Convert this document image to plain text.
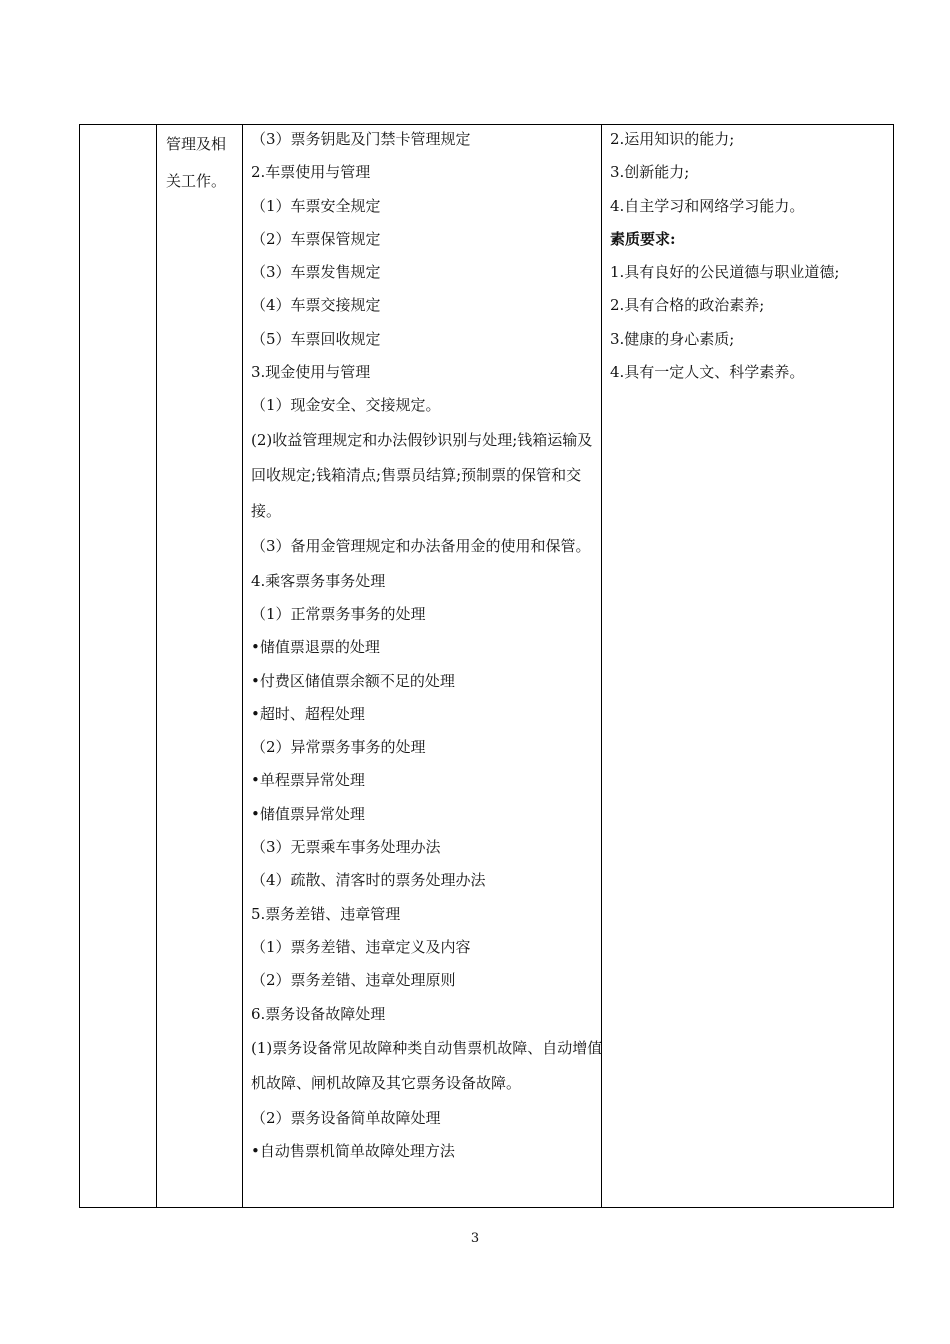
管理及相
关工作。
（3）票务钥匙及门禁卡管理规定
2.车票使用与管理
（1）车票安全规定
（2）车票保管规定
（3）车票发售规定
（4）车票交接规定
（5）车票回收规定
3.现金使用与管理
（1）现金安全、交接规定。
(2)收益管理规定和办法假钞识别与处理;钱箱运输及回收规定;钱箱清点;售票员结算;预制票的保管和交接。
（3）备用金管理规定和办法备用金的使用和保管。
4.乘客票务事务处理
（1）正常票务事务的处理
•储值票退票的处理
•付费区储值票余额不足的处理
•超时、超程处理
（2）异常票务事务的处理
•单程票异常处理
•储值票异常处理
（3）无票乘车事务处理办法
（4）疏散、清客时的票务处理办法
5.票务差错、违章管理
（1）票务差错、违章定义及内容
（2）票务差错、违章处理原则
6.票务设备故障处理
(1)票务设备常见故障种类自动售票机故障、自动增值机故障、闸机故障及其它票务设备故障。
（2）票务设备简单故障处理
•自动售票机简单故障处理方法
2.运用知识的能力;
3.创新能力;
4.自主学习和网络学习能力。
素质要求:
1.具有良好的公民道德与职业道德;
2.具有合格的政治素养;
3.健康的身心素质;
4.具有一定人文、科学素养。
3
